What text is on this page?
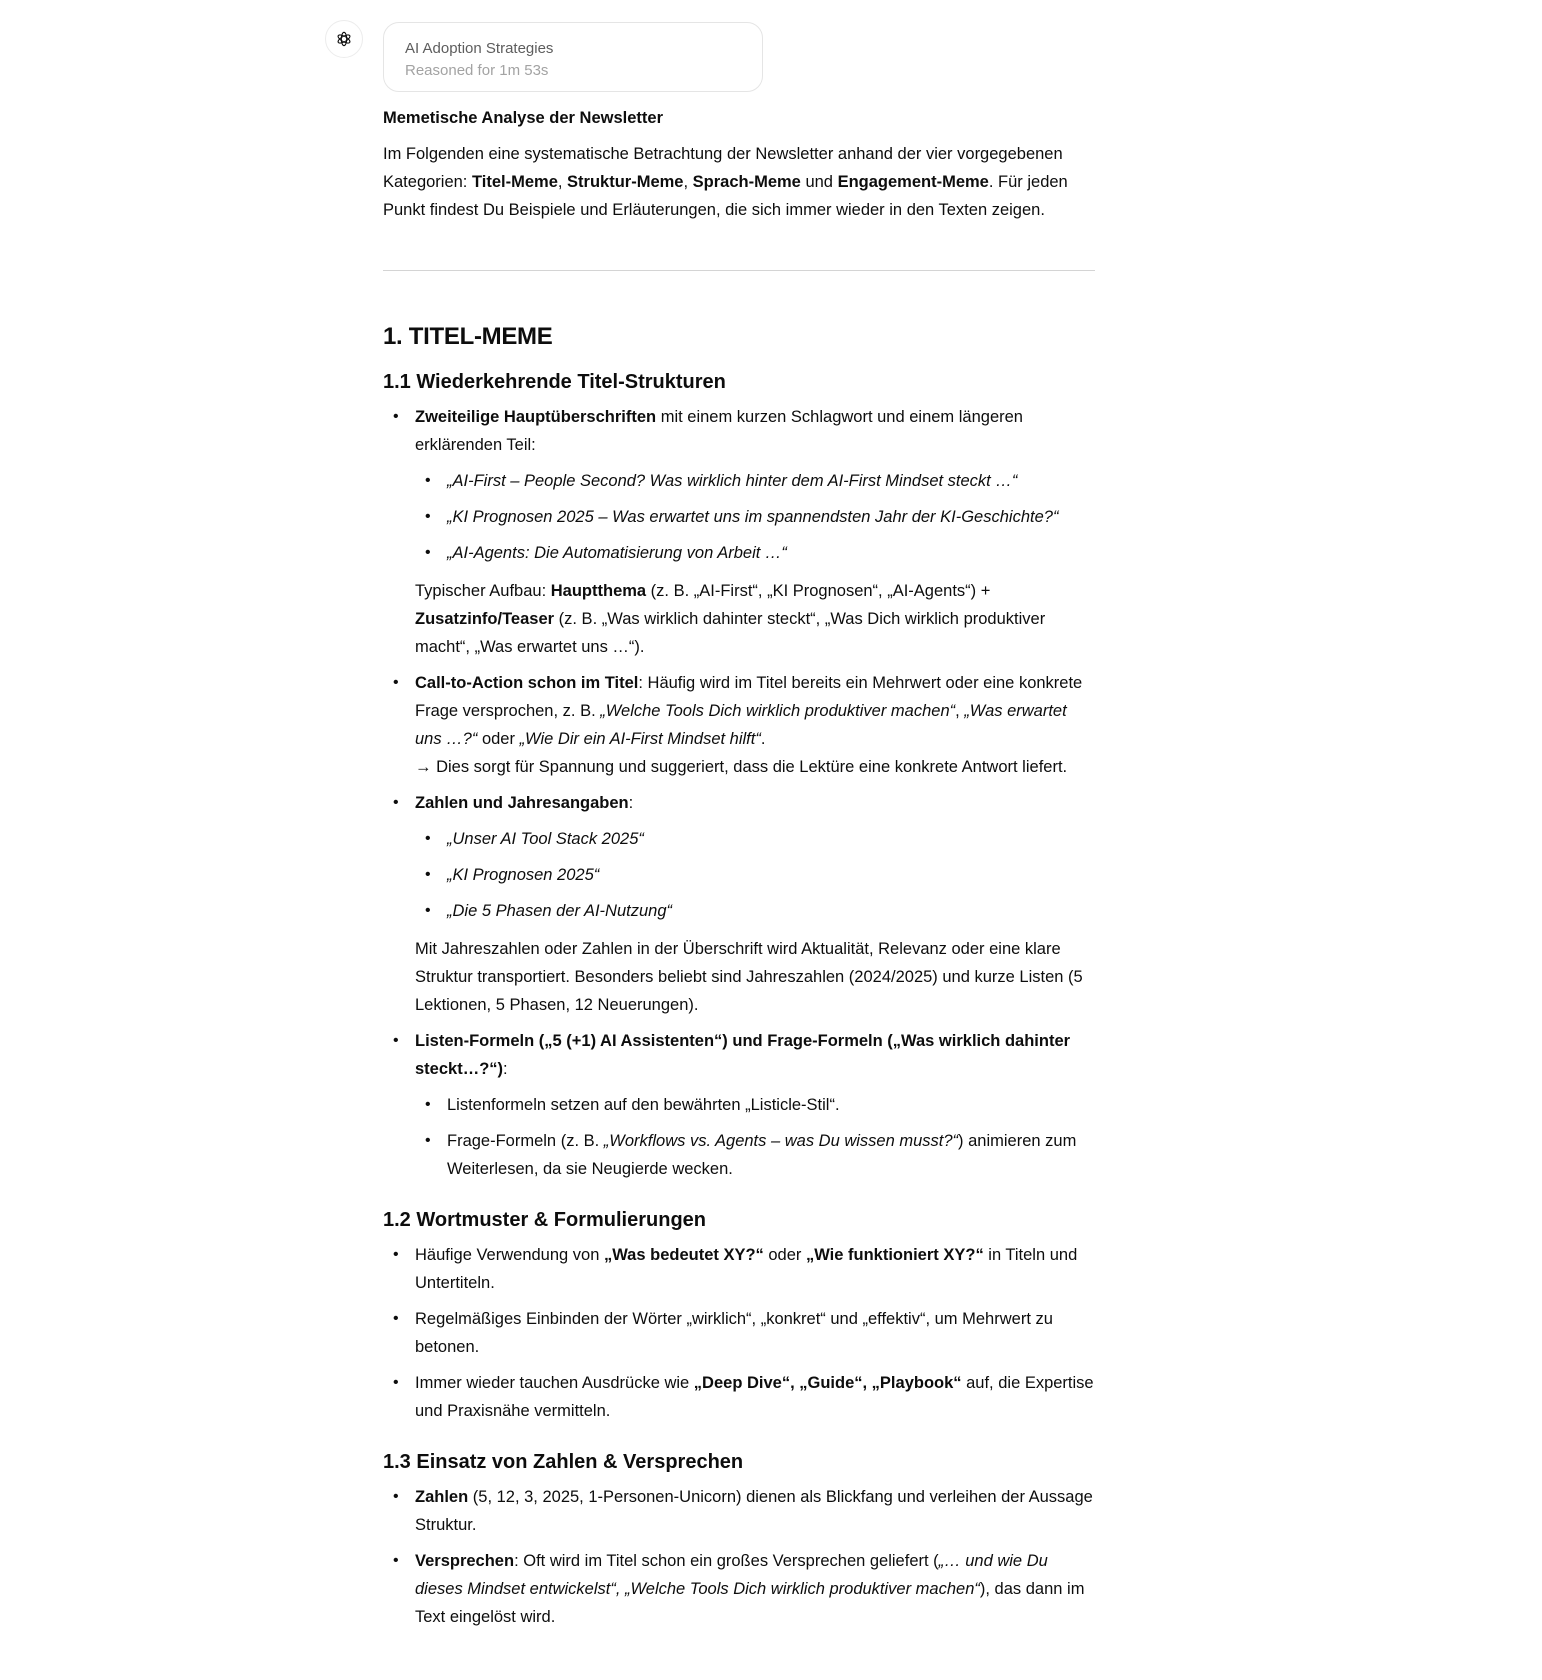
AI Adoption Strategies
Reasoned for 1m 53s

Memetische Analyse der Newsletter

Im Folgenden eine systematische Betrachtung der Newsletter anhand der vier vorgegebenen Kategorien: Titel-Meme, Struktur-Meme, Sprach-Meme und Engagement-Meme. Für jeden Punkt findest Du Beispiele und Erläuterungen, die sich immer wieder in den Texten zeigen.

1. TITEL-MEME
1.1 Wiederkehrende Titel-Strukturen
• Zweiteilige Hauptüberschriften mit einem kurzen Schlagwort und einem längeren erklärenden Teil:
• „AI-First – People Second? Was wirklich hinter dem AI-First Mindset steckt …“
• „KI Prognosen 2025 – Was erwartet uns im spannendsten Jahr der KI-Geschichte?“
• „AI-Agents: Die Automatisierung von Arbeit …“

Typischer Aufbau: Hauptthema (z. B. „AI-First“, „KI Prognosen“, „AI-Agents“) + Zusatzinfo/Teaser (z. B. „Was wirklich dahinter steckt“, „Was Dich wirklich produktiver macht“, „Was erwartet uns …“).

• Call-to-Action schon im Titel: Häufig wird im Titel bereits ein Mehrwert oder eine konkrete Frage versprochen, z. B. „Welche Tools Dich wirklich produktiver machen“, „Was erwartet uns …?“ oder „Wie Dir ein AI-First Mindset hilft“.
→ Dies sorgt für Spannung und suggeriert, dass die Lektüre eine konkrete Antwort liefert.
• Zahlen und Jahresangaben:
• „Unser AI Tool Stack 2025“
• „KI Prognosen 2025“
• „Die 5 Phasen der AI-Nutzung“

Mit Jahreszahlen oder Zahlen in der Überschrift wird Aktualität, Relevanz oder eine klare Struktur transportiert. Besonders beliebt sind Jahreszahlen (2024/2025) und kurze Listen (5 Lektionen, 5 Phasen, 12 Neuerungen).

• Listen-Formeln („5 (+1) AI Assistenten“) und Frage-Formeln („Was wirklich dahinter steckt…?“):
• Listenformeln setzen auf den bewährten „Listicle-Stil“.
• Frage-Formeln (z. B. „Workflows vs. Agents – was Du wissen musst?“) animieren zum Weiterlesen, da sie Neugierde wecken.
1.2 Wortmuster & Formulierungen
• Häufige Verwendung von „Was bedeutet XY?“ oder „Wie funktioniert XY?“ in Titeln und Untertiteln.
• Regelmäßiges Einbinden der Wörter „wirklich“, „konkret“ und „effektiv“, um Mehrwert zu betonen.
• Immer wieder tauchen Ausdrücke wie „Deep Dive“, „Guide“, „Playbook“ auf, die Expertise und Praxisnähe vermitteln.
1.3 Einsatz von Zahlen & Versprechen
• Zahlen (5, 12, 3, 2025, 1-Personen-Unicorn) dienen als Blickfang und verleihen der Aussage Struktur.
• Versprechen: Oft wird im Titel schon ein großes Versprechen geliefert („… und wie Du dieses Mindset entwickelst“, „Welche Tools Dich wirklich produktiver machen“), das dann im Text eingelöst wird.
